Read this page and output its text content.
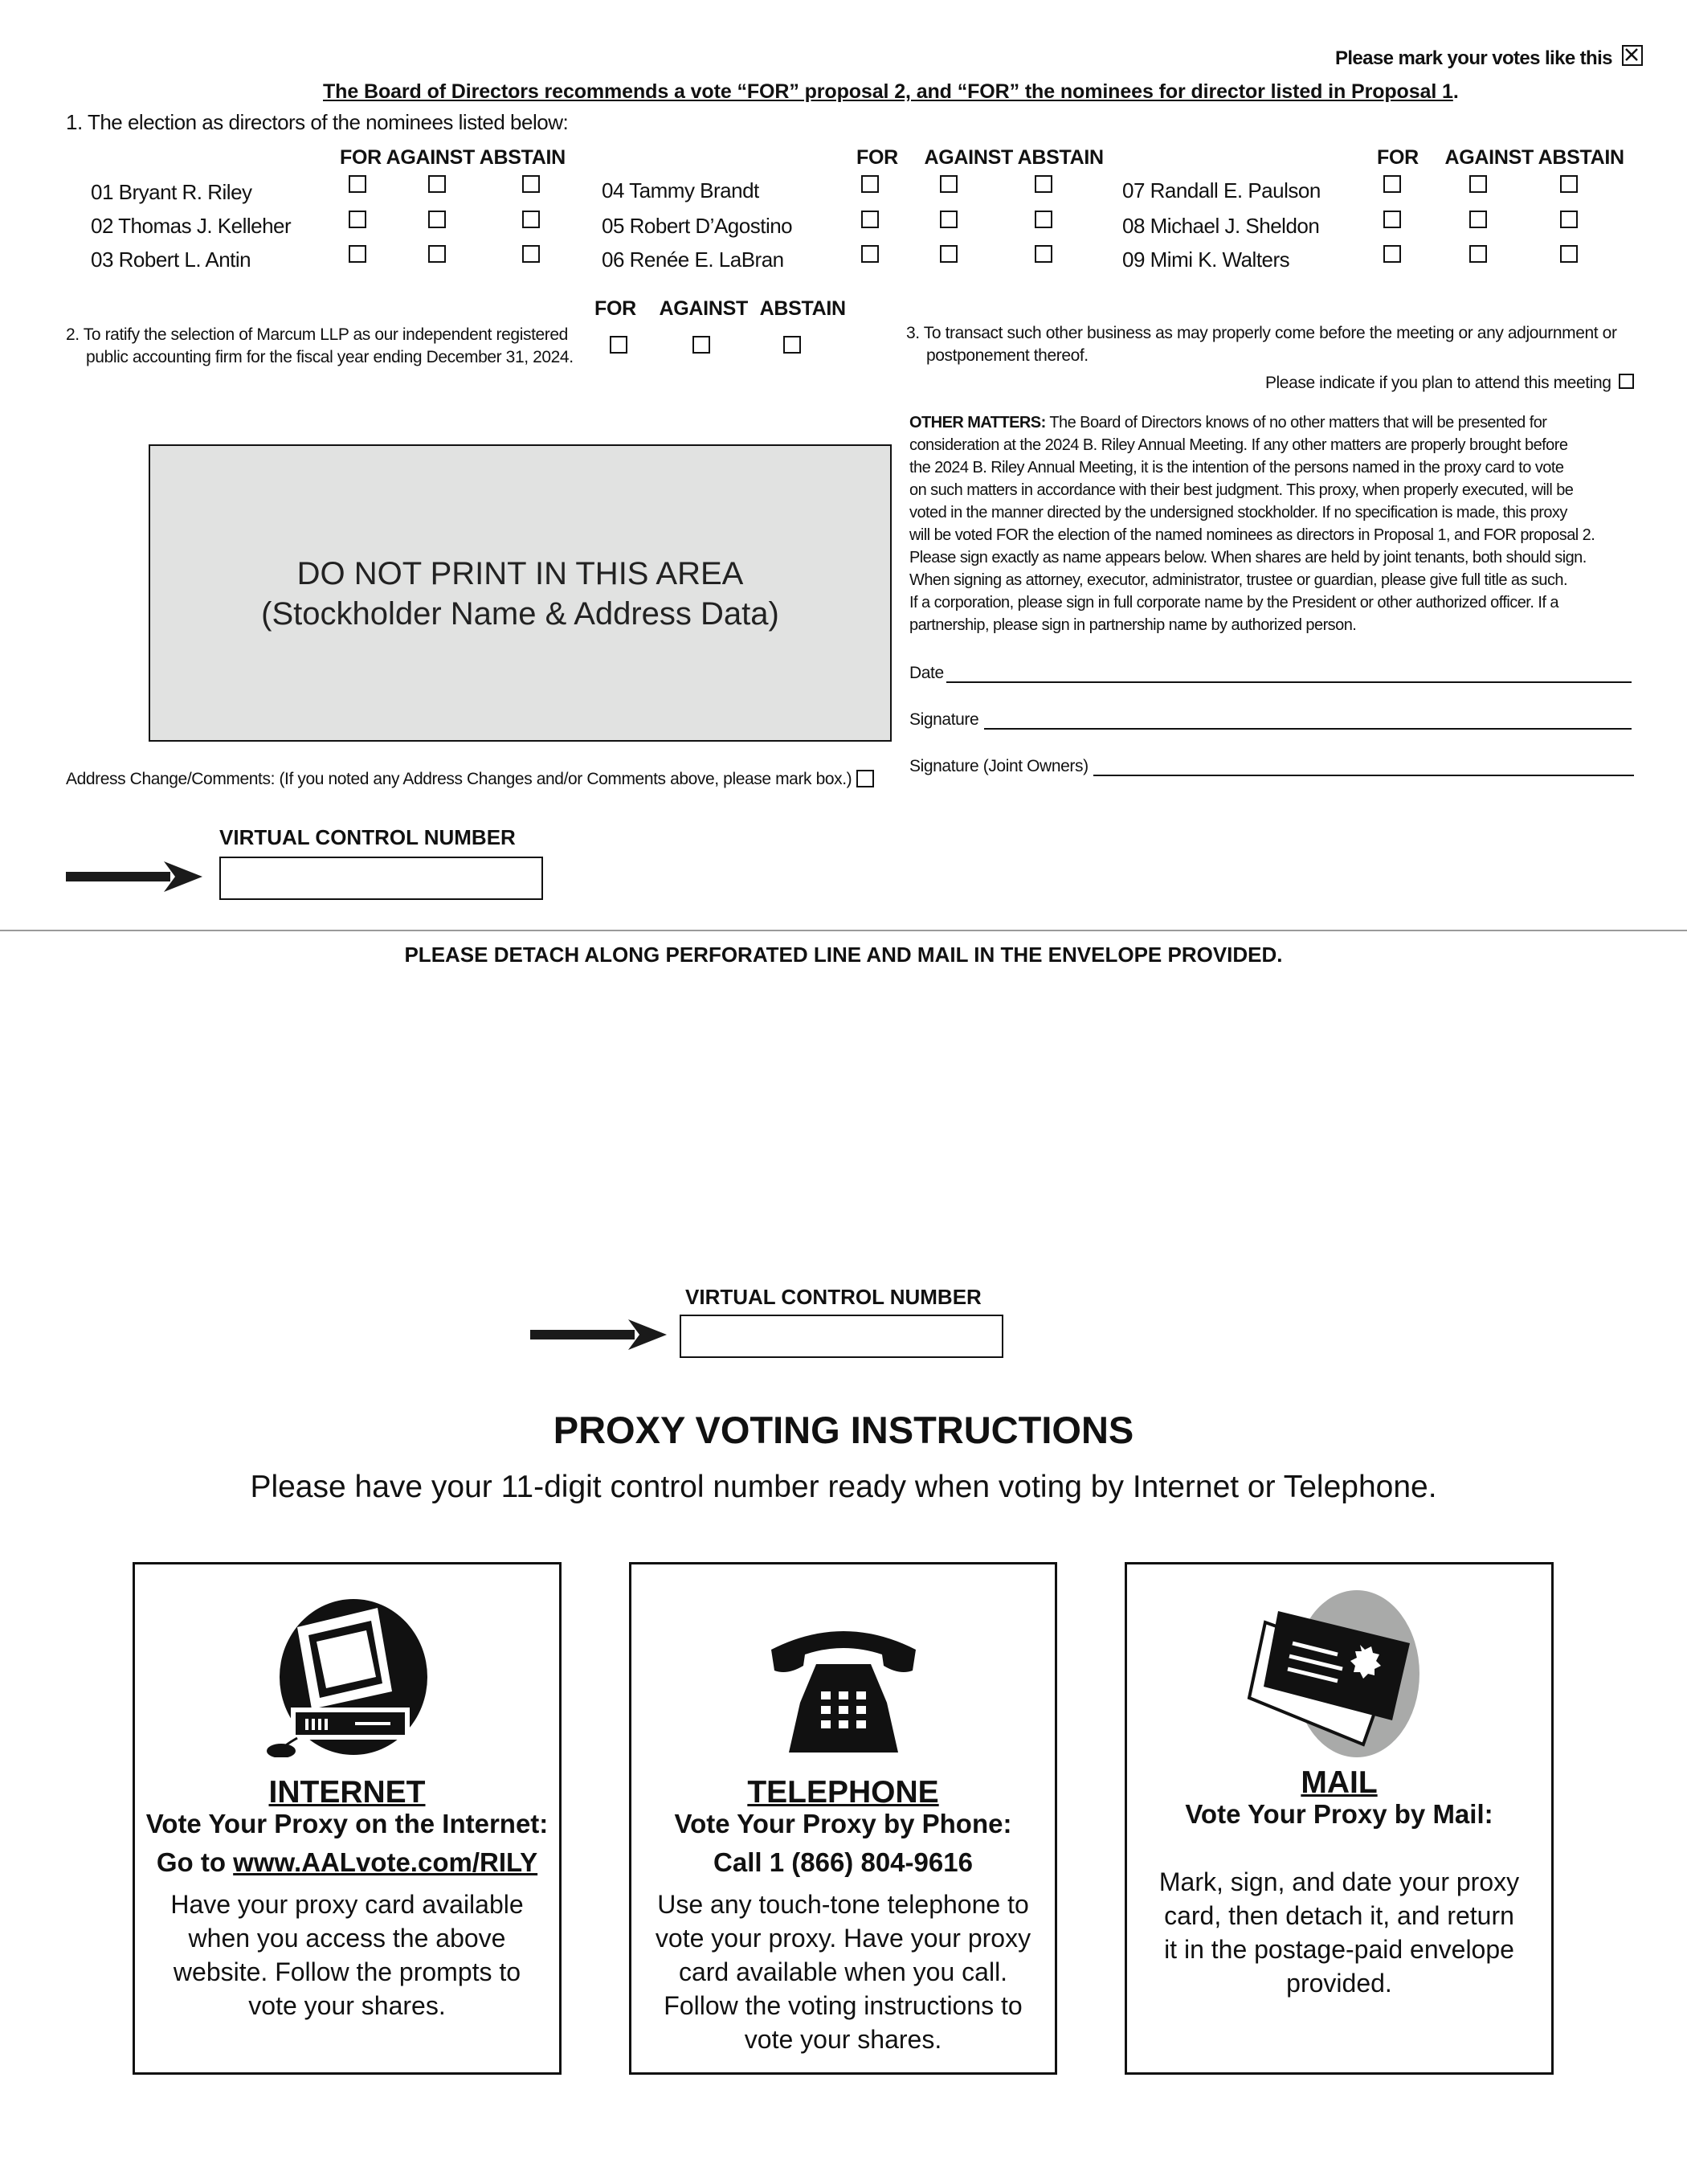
Please mark your votes like this
The Board of Directors recommends a vote “FOR” proposal 2, and “FOR” the nominees for director listed in Proposal 1.
1. The election as directors of the nominees listed below:
FOR AGAINST ABSTAIN	FOR AGAINST ABSTAIN	FOR AGAINST ABSTAIN
01 Bryant R. Riley
02 Thomas J. Kelleher
03 Robert L. Antin
04 Tammy Brandt
05 Robert D’Agostino
06 Renée E. LaBran
07 Randall E. Paulson
08 Michael J. Sheldon
09 Mimi K. Walters
2. To ratify the selection of Marcum LLP as our independent registered
public accounting firm for the fiscal year ending December 31, 2024.
FOR AGAINST ABSTAIN
3. To transact such other business as may properly come before the meeting or any adjournment or
postponement thereof.
Please indicate if you plan to attend this meeting
OTHER MATTERS: The Board of Directors knows of no other matters that will be presented for
consideration at the 2024 B. Riley Annual Meeting. If any other matters are properly brought before
the 2024 B. Riley Annual Meeting, it is the intention of the persons named in the proxy card to vote
on such matters in accordance with their best judgment. This proxy, when properly executed, will be
voted in the manner directed by the undersigned stockholder. If no specification is made, this proxy
will be voted FOR the election of the named nominees as directors in Proposal 1, and FOR proposal 2.
Please sign exactly as name appears below. When shares are held by joint tenants, both should sign.
When signing as attorney, executor, administrator, trustee or guardian, please give full title as such.
If a corporation, please sign in full corporate name by the President or other authorized officer. If a
partnership, please sign in partnership name by authorized person.
DO NOT PRINT IN THIS AREA
(Stockholder Name & Address Data)
Date
Signature
Signature (Joint Owners)
Address Change/Comments: (If you noted any Address Changes and/or Comments above, please mark box.)
VIRTUAL CONTROL NUMBER
PLEASE DETACH ALONG PERFORATED LINE AND MAIL IN THE ENVELOPE PROVIDED.
VIRTUAL CONTROL NUMBER
PROXY VOTING INSTRUCTIONS
Please have your 11-digit control number ready when voting by Internet or Telephone.
INTERNET
Vote Your Proxy on the Internet:
Go to www.AALvote.com/RILY
Have your proxy card available
when you access the above
website. Follow the prompts to
vote your shares.
TELEPHONE
Vote Your Proxy by Phone:
Call 1 (866) 804-9616
Use any touch-tone telephone to
vote your proxy. Have your proxy
card available when you call.
Follow the voting instructions to
vote your shares.
MAIL
Vote Your Proxy by Mail:
Mark, sign, and date your proxy
card, then detach it, and return
it in the postage-paid envelope
provided.
